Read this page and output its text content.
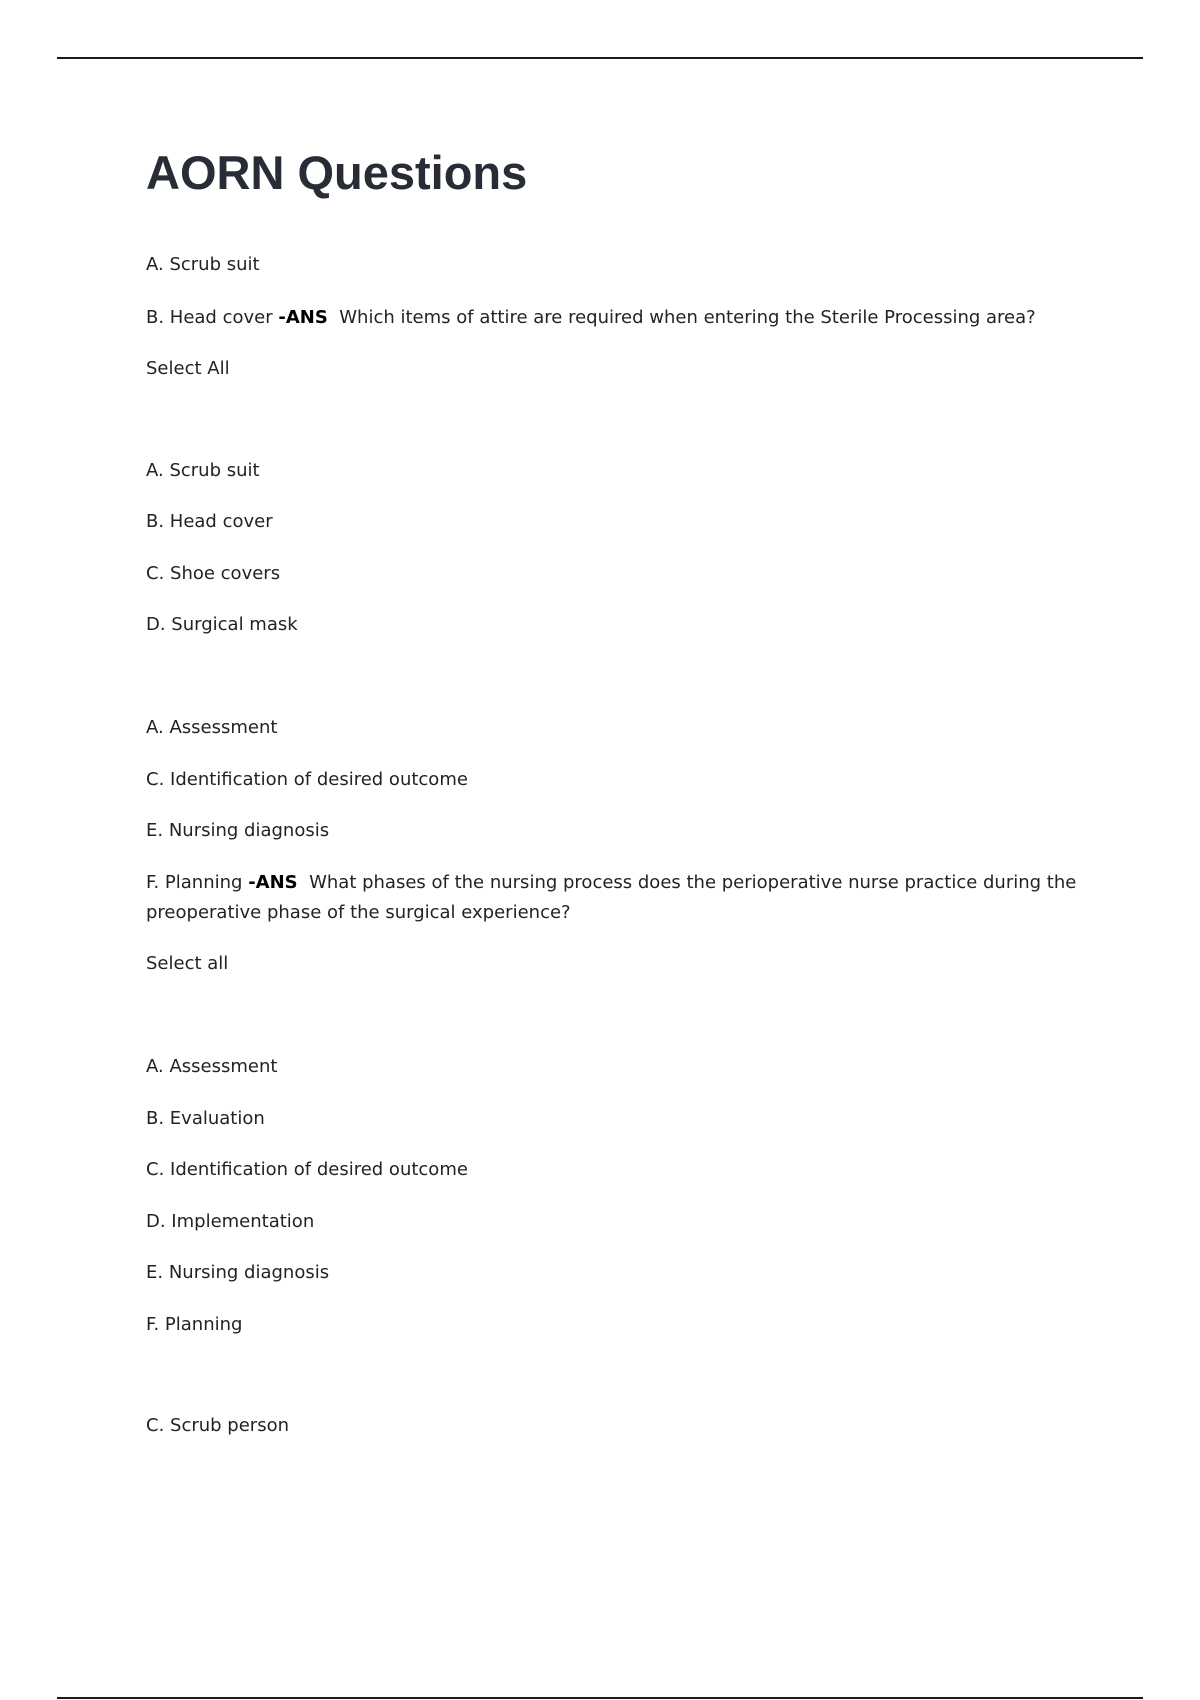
AORN Questions

A. Scrub suit

B. Head cover -ANS Which items of attire are required when entering the Sterile Processing area?

Select All

A. Scrub suit

B. Head cover

C. Shoe covers

D. Surgical mask

A. Assessment

C. Identification of desired outcome

E. Nursing diagnosis

F. Planning -ANS What phases of the nursing process does the perioperative nurse practice during the preoperative phase of the surgical experience?

Select all

A. Assessment

B. Evaluation

C. Identification of desired outcome

D. Implementation

E. Nursing diagnosis

F. Planning

C. Scrub person
